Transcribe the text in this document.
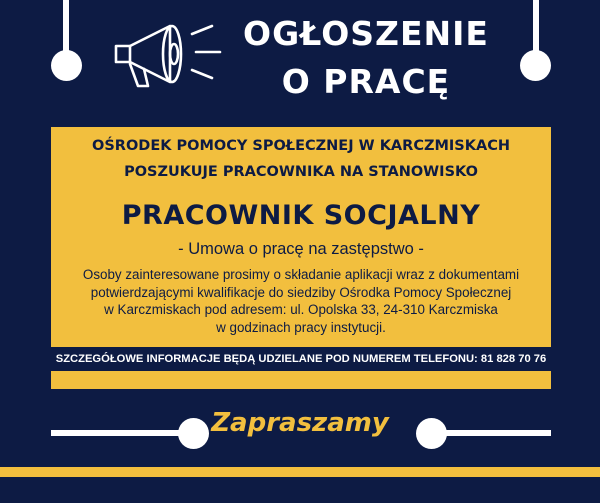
OGŁOSZENIE
O PRACĘ
OŚRODEK POMOCY SPOŁECZNEJ W KARCZMISKACH
POSZUKUJE PRACOWNIKA NA STANOWISKO
PRACOWNIK SOCJALNY
- Umowa o pracę na zastępstwo -
Osoby zainteresowane prosimy o składanie aplikacji wraz z dokumentami
potwierdzającymi kwalifikacje do siedziby Ośrodka Pomocy Społecznej
w Karczmiskach pod adresem: ul. Opolska 33, 24-310 Karczmiska
w godzinach pracy instytucji.
SZCZEGÓŁOWE INFORMACJE BĘDĄ UDZIELANE POD NUMEREM TELEFONU: 81 828 70 76
Zapraszamy
